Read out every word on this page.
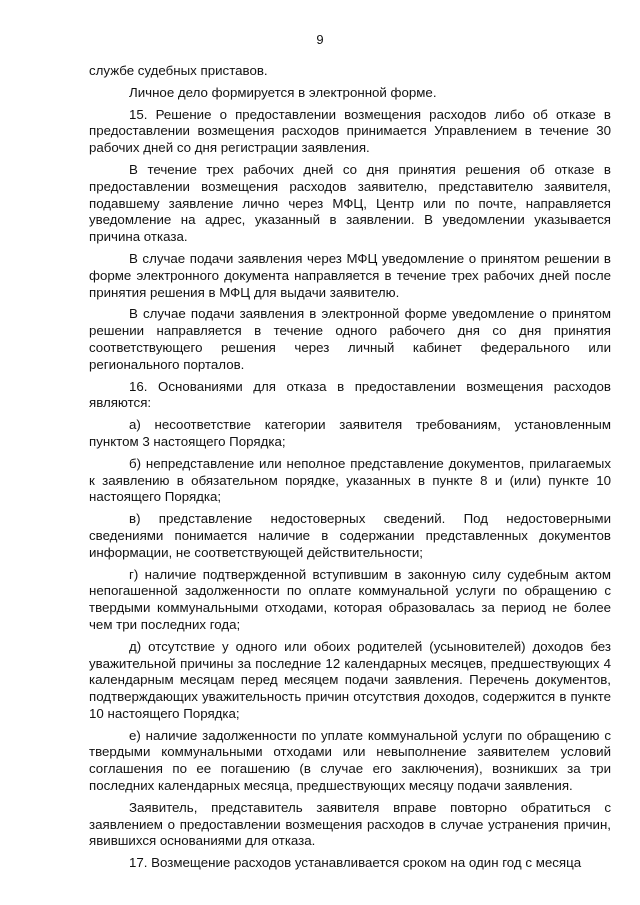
9

службе судебных приставов.

Личное дело формируется в электронной форме.

15. Решение о предоставлении возмещения расходов либо об отказе в предоставлении возмещения расходов принимается Управлением в течение 30 рабочих дней со дня регистрации заявления.

В течение трех рабочих дней со дня принятия решения об отказе в предоставлении возмещения расходов заявителю, представителю заявителя, подавшему заявление лично через МФЦ, Центр или по почте, направляется уведомление на адрес, указанный в заявлении. В уведомлении указывается причина отказа.

В случае подачи заявления через МФЦ уведомление о принятом решении в форме электронного документа направляется в течение трех рабочих дней после принятия решения в МФЦ для выдачи заявителю.

В случае подачи заявления в электронной форме уведомление о принятом решении направляется в течение одного рабочего дня со дня принятия соответствующего решения через личный кабинет федерального или регионального порталов.

16. Основаниями для отказа в предоставлении возмещения расходов являются:

а) несоответствие категории заявителя требованиям, установленным пунктом 3 настоящего Порядка;

б) непредставление или неполное представление документов, прилагаемых к заявлению в обязательном порядке, указанных в пункте 8 и (или) пункте 10 настоящего Порядка;

в) представление недостоверных сведений. Под недостоверными сведениями понимается наличие в содержании представленных документов информации, не соответствующей действительности;

г) наличие подтвержденной вступившим в законную силу судебным актом непогашенной задолженности по оплате коммунальной услуги по обращению с твердыми коммунальными отходами, которая образовалась за период не более чем три последних года;

д) отсутствие у одного или обоих родителей (усыновителей) доходов без уважительной причины за последние 12 календарных месяцев, предшествующих 4 календарным месяцам перед месяцем подачи заявления. Перечень документов, подтверждающих уважительность причин отсутствия доходов, содержится в пункте 10 настоящего Порядка;

е) наличие задолженности по уплате коммунальной услуги по обращению с твердыми коммунальными отходами или невыполнение заявителем условий соглашения по ее погашению (в случае его заключения), возникших за три последних календарных месяца, предшествующих месяцу подачи заявления.

Заявитель, представитель заявителя вправе повторно обратиться с заявлением о предоставлении возмещения расходов в случае устранения причин, явившихся основаниями для отказа.

17. Возмещение расходов устанавливается сроком на один год с месяца
